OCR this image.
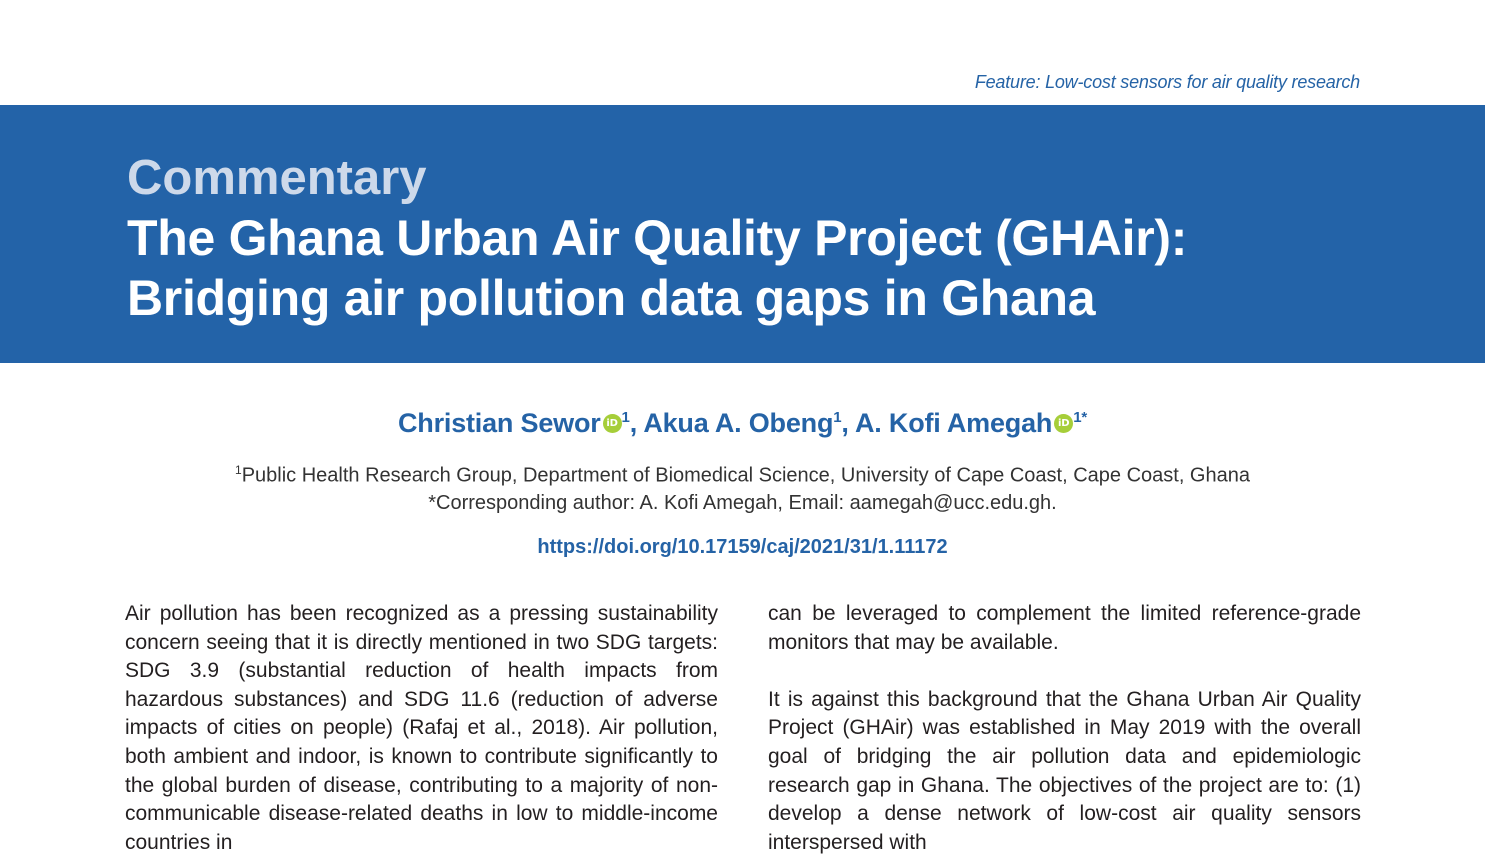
Feature: Low-cost sensors for air quality research
Commentary
The Ghana Urban Air Quality Project (GHAir):
Bridging air pollution data gaps in Ghana
Christian Sewor iD $^1$, Akua A. Obeng$^1$, A. Kofi Amegah iD $^{1*}$
$^1$Public Health Research Group, Department of Biomedical Science, University of Cape Coast, Cape Coast, Ghana
*Corresponding author: A. Kofi Amegah, Email: aamegah@ucc.edu.gh.
https://doi.org/10.17159/caj/2021/31/1.11172

Air pollution has been recognized as a pressing sustainability concern seeing that it is directly mentioned in two SDG targets: SDG 3.9 (substantial reduction of health impacts from hazardous substances) and SDG 11.6 (reduction of adverse impacts of cities on people) (Rafaj et al., 2018). Air pollution, both ambient and indoor, is known to contribute significantly to the global burden of disease, contributing to a majority of non-communicable disease-related deaths in low to middle-income countries in

can be leveraged to complement the limited reference-grade monitors that may be available.

It is against this background that the Ghana Urban Air Quality Project (GHAir) was established in May 2019 with the overall goal of bridging the air pollution data and epidemiologic research gap in Ghana. The objectives of the project are to: (1) develop a dense network of low-cost air quality sensors interspersed with
